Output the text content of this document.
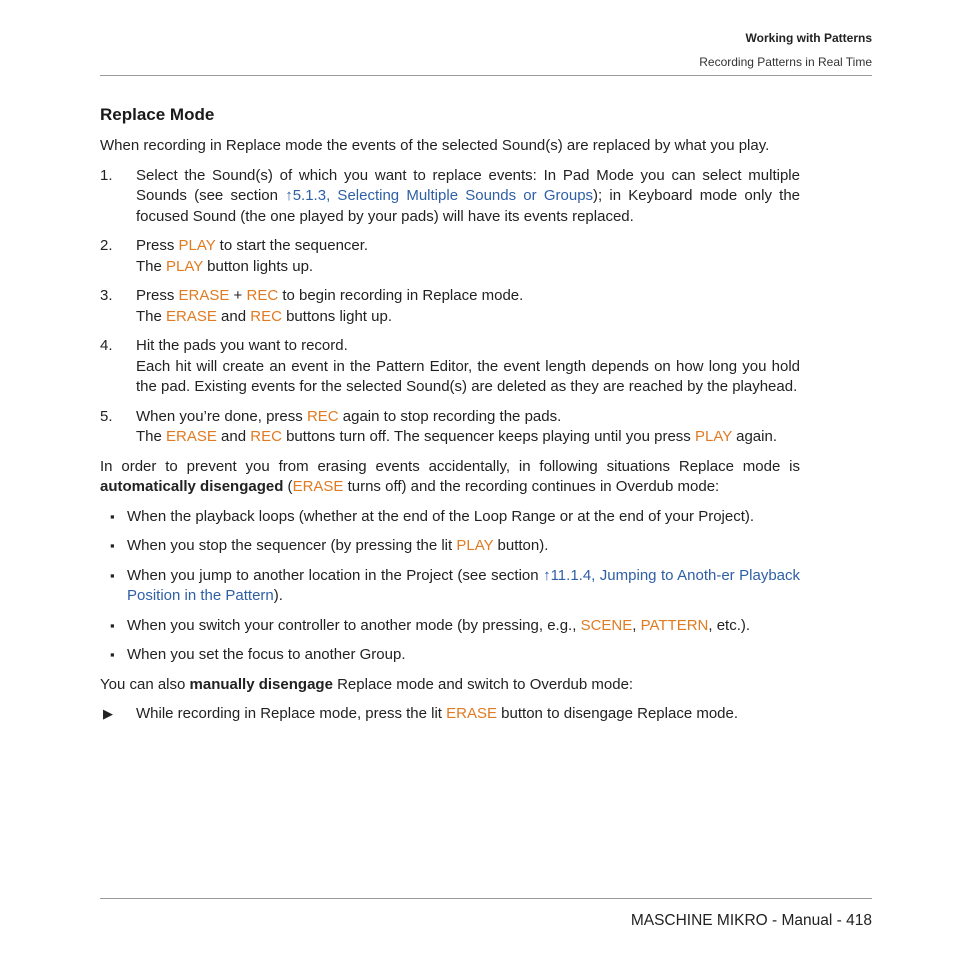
Working with Patterns
Recording Patterns in Real Time
Replace Mode

When recording in Replace mode the events of the selected Sound(s) are replaced by what you play.

1. Select the Sound(s) of which you want to replace events: In Pad Mode you can select multiple Sounds (see section ↑5.1.3, Selecting Multiple Sounds or Groups); in Keyboard mode only the focused Sound (the one played by your pads) will have its events replaced.
2. Press PLAY to start the sequencer.
The PLAY button lights up.
3. Press ERASE + REC to begin recording in Replace mode.
The ERASE and REC buttons light up.
4. Hit the pads you want to record.
Each hit will create an event in the Pattern Editor, the event length depends on how long you hold the pad. Existing events for the selected Sound(s) are deleted as they are reached by the playhead.
5. When you’re done, press REC again to stop recording the pads.
The ERASE and REC buttons turn off. The sequencer keeps playing until you press PLAY again.

In order to prevent you from erasing events accidentally, in following situations Replace mode is automatically disengaged (ERASE turns off) and the recording continues in Overdub mode:

▪ When the playback loops (whether at the end of the Loop Range or at the end of your Project).
▪ When you stop the sequencer (by pressing the lit PLAY button).
▪ When you jump to another location in the Project (see section ↑11.1.4, Jumping to Anoth-er Playback Position in the Pattern).
▪ When you switch your controller to another mode (by pressing, e.g., SCENE, PATTERN, etc.).
▪ When you set the focus to another Group.

You can also manually disengage Replace mode and switch to Overdub mode:

▶ While recording in Replace mode, press the lit ERASE button to disengage Replace mode.
MASCHINE MIKRO - Manual - 418
